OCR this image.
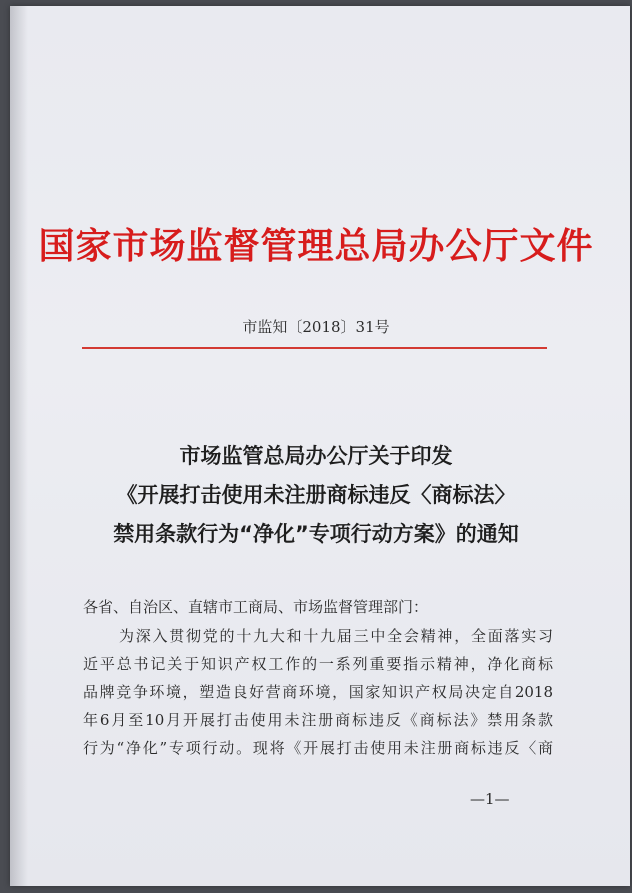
国家市场监督管理总局办公厅文件
市监知〔2018〕31号
市场监管总局办公厅关于印发
《开展打击使用未注册商标违反〈商标法〉
禁用条款行为“净化”专项行动方案》的通知
各省、自治区、直辖市工商局、市场监督管理部门：
为深入贯彻党的十九大和十九届三中全会精神，全面落实习
近平总书记关于知识产权工作的一系列重要指示精神，净化商标
品牌竞争环境，塑造良好营商环境，国家知识产权局决定自2018
年6月至10月开展打击使用未注册商标违反《商标法》禁用条款
行为“净化”专项行动。现将《开展打击使用未注册商标违反〈商
—1—
